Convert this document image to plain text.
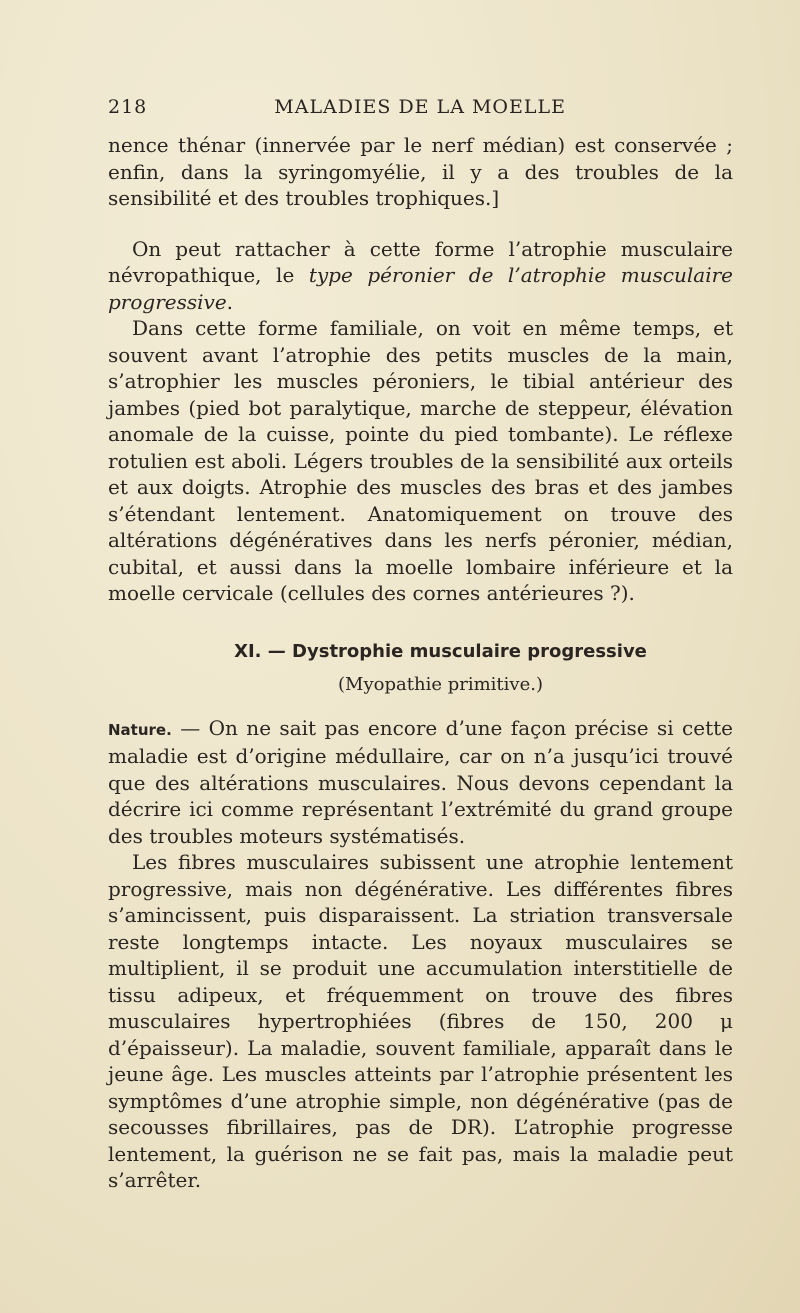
218	MALADIES DE LA MOELLE

nence thénar (innervée par le nerf médian) est conservée ; enfin, dans la syringomyélie, il y a des troubles de la sensibilité et des troubles trophiques.]

On peut rattacher à cette forme l’atrophie musculaire névropathique, le type péronier de l’atrophie musculaire progressive.

Dans cette forme familiale, on voit en même temps, et souvent avant l’atrophie des petits muscles de la main, s’atrophier les muscles péroniers, le tibial antérieur des jambes (pied bot paralytique, marche de steppeur, élévation anomale de la cuisse, pointe du pied tombante). Le réflexe rotulien est aboli. Légers troubles de la sensibilité aux orteils et aux doigts. Atrophie des muscles des bras et des jambes s’étendant lentement. Anatomiquement on trouve des altérations dégénératives dans les nerfs péronier, médian, cubital, et aussi dans la moelle lombaire inférieure et la moelle cervicale (cellules des cornes antérieures ?).

XI. — Dystrophie musculaire progressive
(Myopathie primitive.)

Nature. — On ne sait pas encore d’une façon précise si cette maladie est d’origine médullaire, car on n’a jusqu’ici trouvé que des altérations musculaires. Nous devons cependant la décrire ici comme représentant l’extrémité du grand groupe des troubles moteurs systématisés.

Les fibres musculaires subissent une atrophie lentement progressive, mais non dégénérative. Les différentes fibres s’amincissent, puis disparaissent. La striation transversale reste longtemps intacte. Les noyaux musculaires se multiplient, il se produit une accumulation interstitielle de tissu adipeux, et fréquemment on trouve des fibres musculaires hypertrophiées (fibres de 150, 200 μ d’épaisseur). La maladie, souvent familiale, apparaît dans le jeune âge. Les muscles atteints par l’atrophie présentent les symptômes d’une atrophie simple, non dégénérative (pas de secousses fibrillaires, pas de DR). L’atrophie progresse lentement, la guérison ne se fait pas, mais la maladie peut s’arrêter.
